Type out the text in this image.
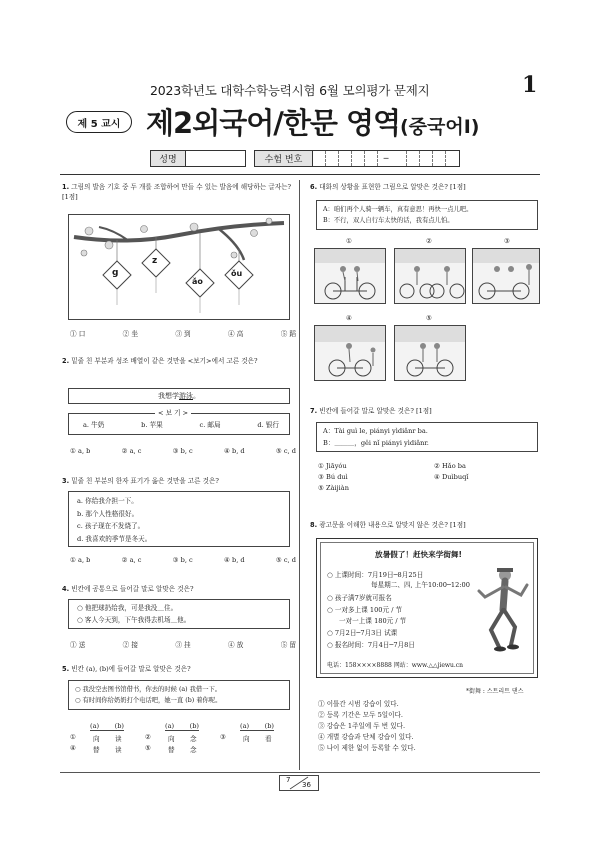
2023학년도 대학수학능력시험 6월 모의평가 문제지	1
제 5 교시 제2외국어/한문 영역(중국어Ⅰ)
성명	수험 번호	─
1. 그림의 발음 기호 중 두 개를 조합하여 만들 수 있는 발음에 해당하는 글자는? [1점]
g
z
ǎo
ǒu
① 口	② 坐	③ 到	④ 高	⑤ 蹈
2. 밑줄 친 부분과 성조 배열이 같은 것만을 <보기>에서 고른 것은?
我想学 游泳 。
< 보 기 >
a. 牛奶	b. 苹果	c. 邮局	d. 银行
① a, b	② a, c	③ b, c	④ b, d	⑤ c, d
3. 밑줄 친 부분의 한자 표기가 옳은 것만을 고른 것은?
a. 你给我介担一下。
b. 那个人性格很好。
c. 孩子现在不发烧了。
d. 我喜欢的季节是冬天。
① a, b	② a, c	③ b, c	④ b, d	⑤ c, d
4. 빈칸에 공통으로 들어갈 말로 알맞은 것은?
○ 他把球扔给我，可是我没＿住。
○ 客人今天到，下午我得去机场＿他。
① 送	② 接	③ 挂	④ 放	⑤ 留
5. 빈칸 (a), (b)에 들어갈 말로 알맞은 것은?
○ 我没空去图书馆借书，你去的时候 (a) 我借一下。
○ 有时间你给奶奶打个电话吧，她一直 (b) 着你呢。
(a) (b)	(a) (b)	(a) (b)
①	向 读	②	向 念	③	向 看
④	替 读	⑤	替 念
6. 대화의 상황을 표현한 그림으로 알맞은 것은? [1점]
A：咱们再个人骑一辆车，真有意思！再快一点儿吧。
B：不行，双人自行车太快的话，我有点儿怕。
①	②	③
④	⑤
7. 빈칸에 들어갈 말로 알맞은 것은? [1점]
A：Tài guì le, piányi yìdiǎnr ba.
B：＿＿＿，gěi nǐ piányi yìdiǎnr.
① Jiāyóu	② Hǎo ba
③ Bú duì	④ Duìbuqǐ
⑤ Zàijiàn
8. 광고문을 이해한 내용으로 알맞지 않은 것은? [1점]
放暑假了！赶快来学街舞!
○ 上课时间：7月19日─8月25日
每星期二、四, 上午10:00─12:00
○ 孩子满7岁就可报名
○ 一对多上课 100元 / 节
一对一上课 180元 / 节
○ 7月2日─7月3日 试课
○ 报名时间：7月4日─7月8日
电话：158××××8888 网站：www.△△jiewu.cn
*街舞 : 스트리트 댄스
① 이틀간 시범 강습이 있다.
② 등록 기간은 모두 5일이다.
③ 강습은 1주일에 두 번 있다.
④ 개별 강습과 단체 강습이 있다.
⑤ 나이 제한 없이 등록할 수 있다.
7
36
